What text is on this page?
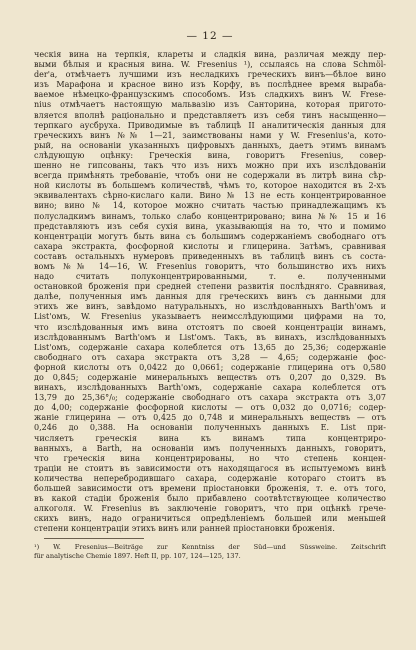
— 12 —
ческія вина на терпкія, клареты и сладкія вина, различая между пер-
выми бѣлыя и красныя вина. W. Fresenius ¹), ссылаясь на слова Schmöl-
der'а, отмѣчаетъ лучшими изъ несладкихъ греческихъ винъ—бѣлое вино
изъ Марафона и красное вино изъ Корфу, въ послѣднее время выраба-
ваемое нѣмецко-французскимъ способомъ. Изъ сладкихъ винъ W. Frese-
nius отмѣчаетъ настоящую мальвазію изъ Санторина, которая пригото-
вляется вполнѣ раціонально и представляетъ изъ себя тинъ насыщенно—
терпкаго аусбруха. Приводимые въ таблицѣ II аналитическія данныя для
греческихъ винъ №№ 1—21, заимствованы нами у W. Fresenius'а, кото-
рый, на основаніи указанныхъ цифровыхъ данныхъ, даетъ этимъ винамъ
слѣдующую оцѣнку: Греческія вина, говоритъ Fresenius, совер-
шенно не гипсованы, такъ что изъ нихъ можно при ихъ изслѣдованіи
всегда примѣнять требованіе, чтобъ они не содержали въ литрѣ вина сѣр-
ной кислоты въ большемъ количествѣ, чѣмъ то, которое находится въ 2-хъ
эквивалентахъ сѣрно-кислаго кали. Вино № 13 не есть концентрированное
вино; вино № 14, которое можно считать частью принадлежащимъ къ
полусладкимъ винамъ, только слабо концентрировано; вина №№ 15 и 16
представляютъ изъ себя сухія вина, указывающія на то, что и помимо
концентраціи могутъ быть вина съ большимъ содержаніемъ свободнаго отъ
сахара экстракта, фосфорной кислоты и глицерина. Затѣмъ, сравнивая
составъ остальныхъ нумеровъ приведенныхъ въ таблицѣ винъ съ соста-
вомъ №№ 14—16, W. Fresenius говоритъ, что большинство ихъ нихъ
надо считать полуконцентрированными, т. е. полученными
остановкой броженія при средней степени развитія послѣдняго. Сравнивая,
далѣе, полученныя имъ данныя для греческихъ винъ съ данными для
этихъ же винъ, завѣдомо натуральныхъ, но изслѣдованныхъ Barth'омъ и
List'омъ, W. Fresenius указываетъ неимсслѣдующими цифрами на то,
что изслѣдованныя имъ вина отстоятъ по своей концентраціи винамъ,
изслѣдованнымъ Barth'омъ и List'омъ. Такъ, въ винахъ, изслѣдованныхъ
List'омъ, содержаніе сахара колеблется отъ 13,65 до 25,36; содержаніе
свободнаго отъ сахара экстракта отъ 3,28 — 4,65; содержаніе фос-
форной кислоты отъ 0,0422 до 0,0661; содержаніе глицерина отъ 0,580
до 0,845; содержаніе минеральныхъ веществъ отъ 0,207 до 0,329. Въ
винахъ, изслѣдованныхъ Barth'омъ, содержаніе сахара колеблется отъ
13,79 до 25,36°/₀; содержаніе свободнаго отъ сахара экстракта отъ 3,07
до 4,00; содержаніе фосфорной кислоты — отъ 0,032 до 0,0716; содер-
жаніе глицерина — отъ 0,425 до 0,748 и минеральныхъ веществъ — отъ
0,246 до 0,388. На основаніи полученныхъ данныхъ E. List при-
числяетъ греческія вина къ винамъ типа концентриро-
ванныхъ, a Barth, на основаніи имъ полученныхъ данныхъ, говоритъ,
что греческія вина концентрированы, но что степень концен-
траціи не стоитъ въ зависимости отъ находящагося въ испытуемомъ винѣ
количества неперебродившаго сахара, содержаніе котораго стоитъ въ
большей зависимости отъ времени пріостановки броженія, т. е. отъ того,
въ какой стадіи броженія было прибавлено соотвѣтствующее количество
алкоголя. W. Fresenius въ заключеніе говоритъ, что при оцѣнкѣ грече-
скихъ винъ, надо ограничиться опредѣленіемъ большей или меньшей
степени концентраціи этихъ винъ или ранней пріостановки броженія.
¹) W. Fresenius—Beiträge zur Kenntniss der Süd—und Süssweine. Zeitschrift
für analytische Chemie 1897. Heft II, pp. 107, 124—125, 137.
